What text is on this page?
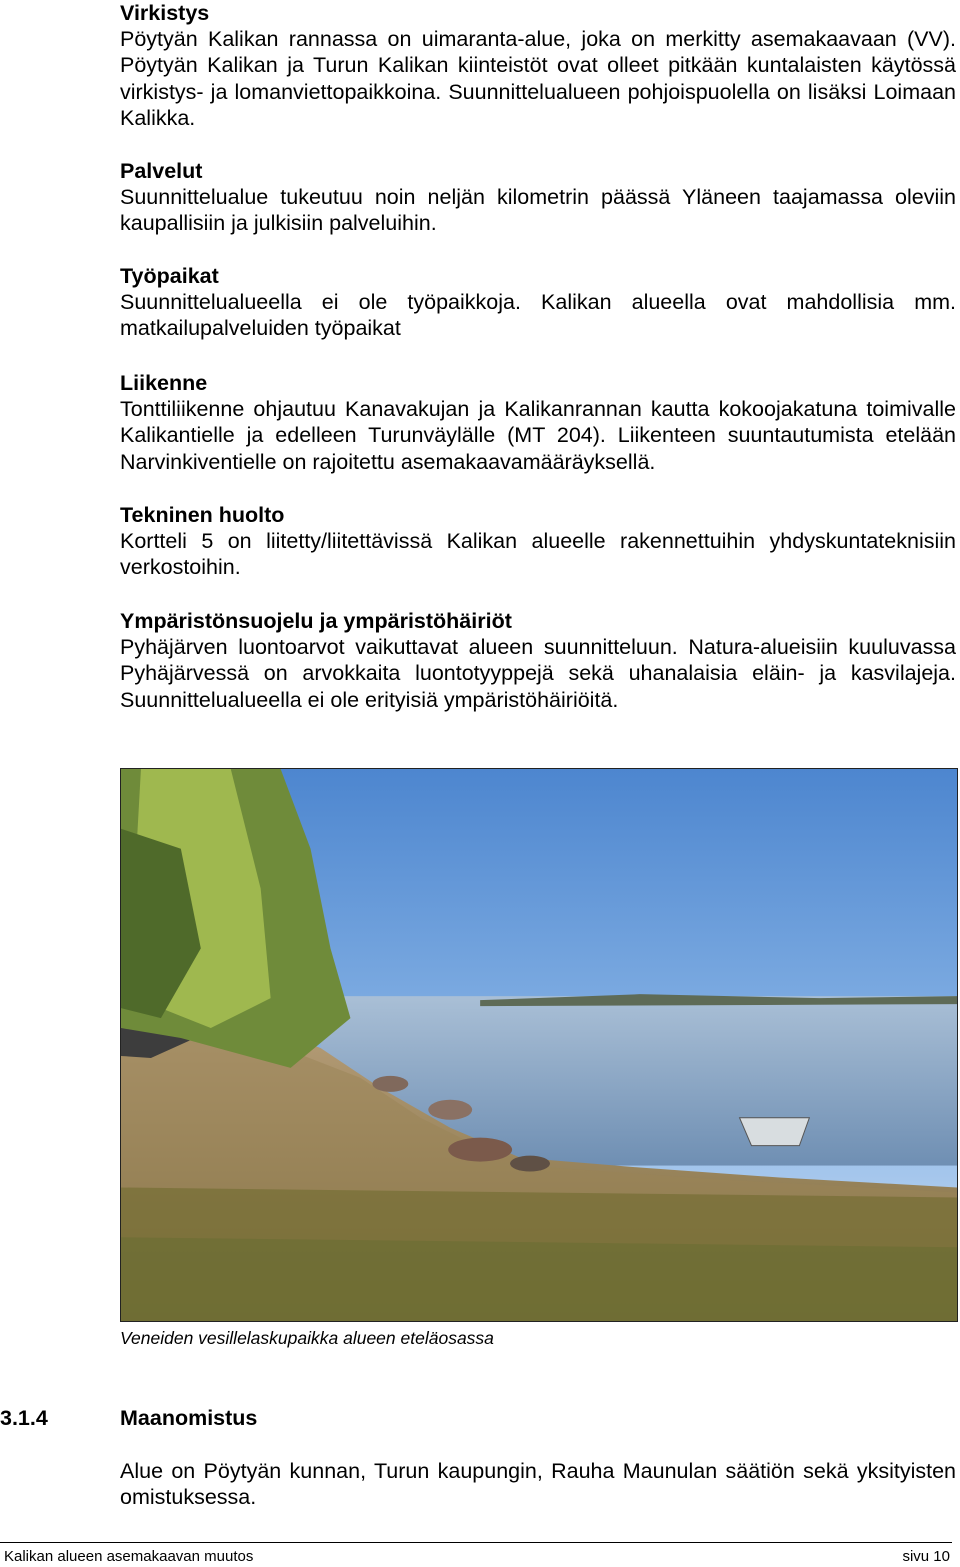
Virkistys

Pöytyän Kalikan rannassa on uimaranta-alue, joka on merkitty asemakaavaan (VV). Pöytyän Kalikan ja Turun Kalikan kiinteistöt ovat olleet pitkään kuntalaisten käytössä virkistys- ja lomanviettopaikkoina. Suunnittelualueen pohjoispuolella on lisäksi Loimaan Kalikka.

Palvelut

Suunnittelualue tukeutuu noin neljän kilometrin päässä Yläneen taajamassa oleviin kaupallisiin ja julkisiin palveluihin.

Työpaikat

Suunnittelualueella ei ole työpaikkoja. Kalikan alueella ovat mahdollisia mm. matkailupalveluiden työpaikat

Liikenne

Tonttiliikenne ohjautuu Kanavakujan ja Kalikanrannan kautta kokoojakatuna toimivalle Kalikantielle ja edelleen Turunväylälle (MT 204). Liikenteen suuntautumista etelään Narvinkiventielle on rajoitettu asemakaavamääräyksellä.

Tekninen huolto

Kortteli 5 on liitetty/liitettävissä Kalikan alueelle rakennettuihin yhdyskuntateknisiin verkostoihin.

Ympäristönsuojelu ja ympäristöhäiriöt

Pyhäjärven luontoarvot vaikuttavat alueen suunnitteluun. Natura-alueisiin kuuluvassa Pyhäjärvessä on arvokkaita luontotyyppejä sekä uhanalaisia eläin- ja kasvilajeja. Suunnittelualueella ei ole erityisiä ympäristöhäiriöitä.

Veneiden vesillelaskupaikka alueen eteläosassa
3.1.4	Maanomistus

Alue on Pöytyän kunnan, Turun kaupungin, Rauha Maunulan säätiön sekä yksityisten omistuksessa.

Kalikan alueen asemakaavan muutos	sivu 10
